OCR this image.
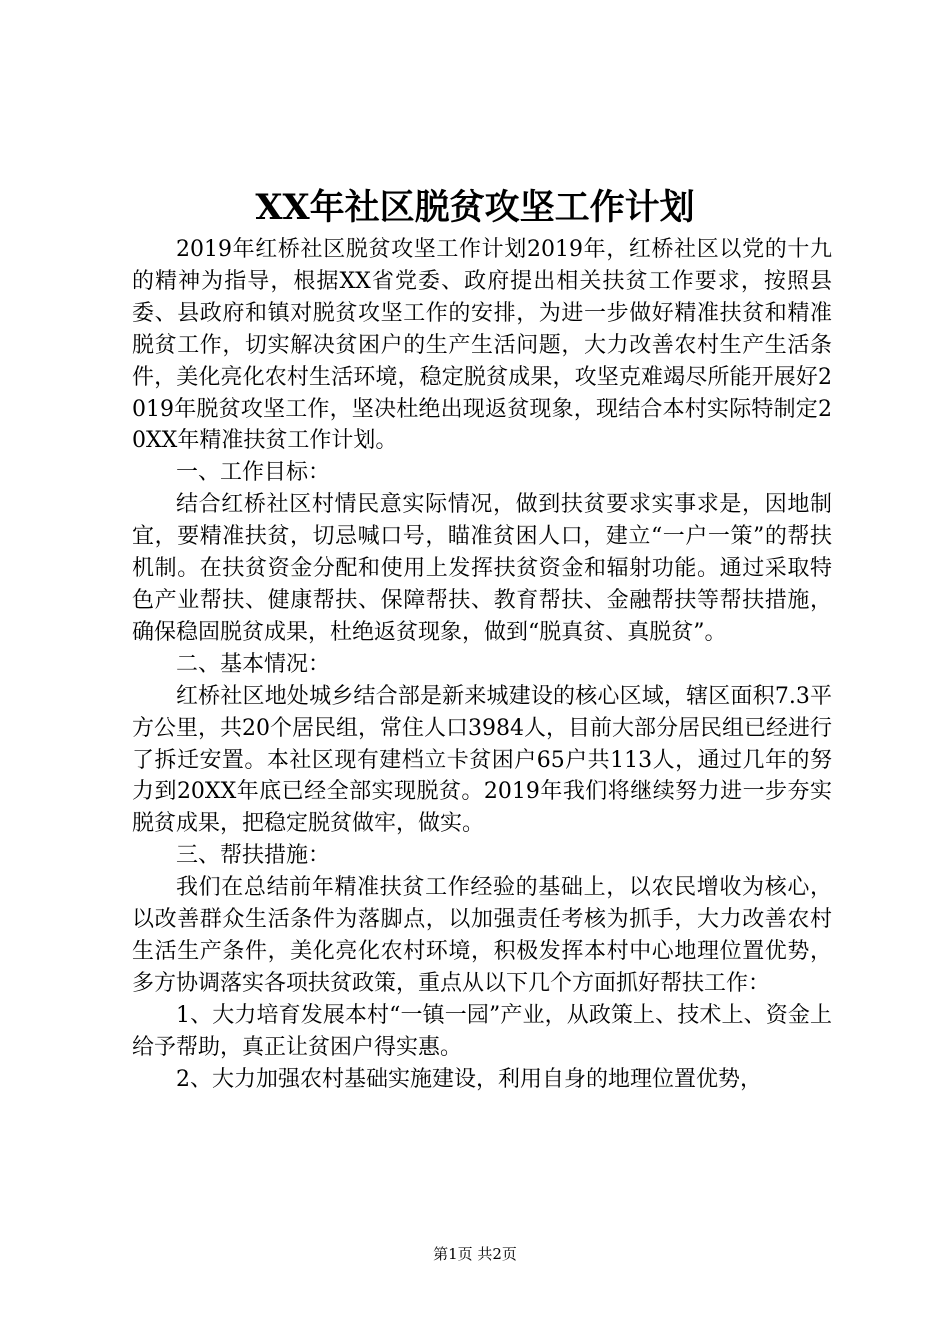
XX年社区脱贫攻坚工作计划

2019年红桥社区脱贫攻坚工作计划2019年，红桥社区以党的十九的精神为指导，根据XX省党委、政府提出相关扶贫工作要求，按照县委、县政府和镇对脱贫攻坚工作的安排，为进一步做好精准扶贫和精准脱贫工作，切实解决贫困户的生产生活问题，大力改善农村生产生活条件，美化亮化农村生活环境，稳定脱贫成果，攻坚克难竭尽所能开展好2019年脱贫攻坚工作，坚决杜绝出现返贫现象，现结合本村实际特制定20XX年精准扶贫工作计划。

一、工作目标：

结合红桥社区村情民意实际情况，做到扶贫要求实事求是，因地制宜，要精准扶贫，切忌喊口号，瞄准贫困人口，建立“一户一策”的帮扶机制。在扶贫资金分配和使用上发挥扶贫资金和辐射功能。通过采取特色产业帮扶、健康帮扶、保障帮扶、教育帮扶、金融帮扶等帮扶措施，确保稳固脱贫成果，杜绝返贫现象，做到“脱真贫、真脱贫”。

二、基本情况：

红桥社区地处城乡结合部是新来城建设的核心区域，辖区面积7.3平方公里，共20个居民组，常住人口3984人，目前大部分居民组已经进行了拆迁安置。本社区现有建档立卡贫困户65户共113人，通过几年的努力到20XX年底已经全部实现脱贫。2019年我们将继续努力进一步夯实脱贫成果，把稳定脱贫做牢，做实。

三、帮扶措施：

我们在总结前年精准扶贫工作经验的基础上，以农民增收为核心，以改善群众生活条件为落脚点，以加强责任考核为抓手，大力改善农村生活生产条件，美化亮化农村环境，积极发挥本村中心地理位置优势，多方协调落实各项扶贫政策，重点从以下几个方面抓好帮扶工作：

1、大力培育发展本村“一镇一园”产业，从政策上、技术上、资金上给予帮助，真正让贫困户得实惠。

2、大力加强农村基础实施建设，利用自身的地理位置优势，

第1页 共2页
